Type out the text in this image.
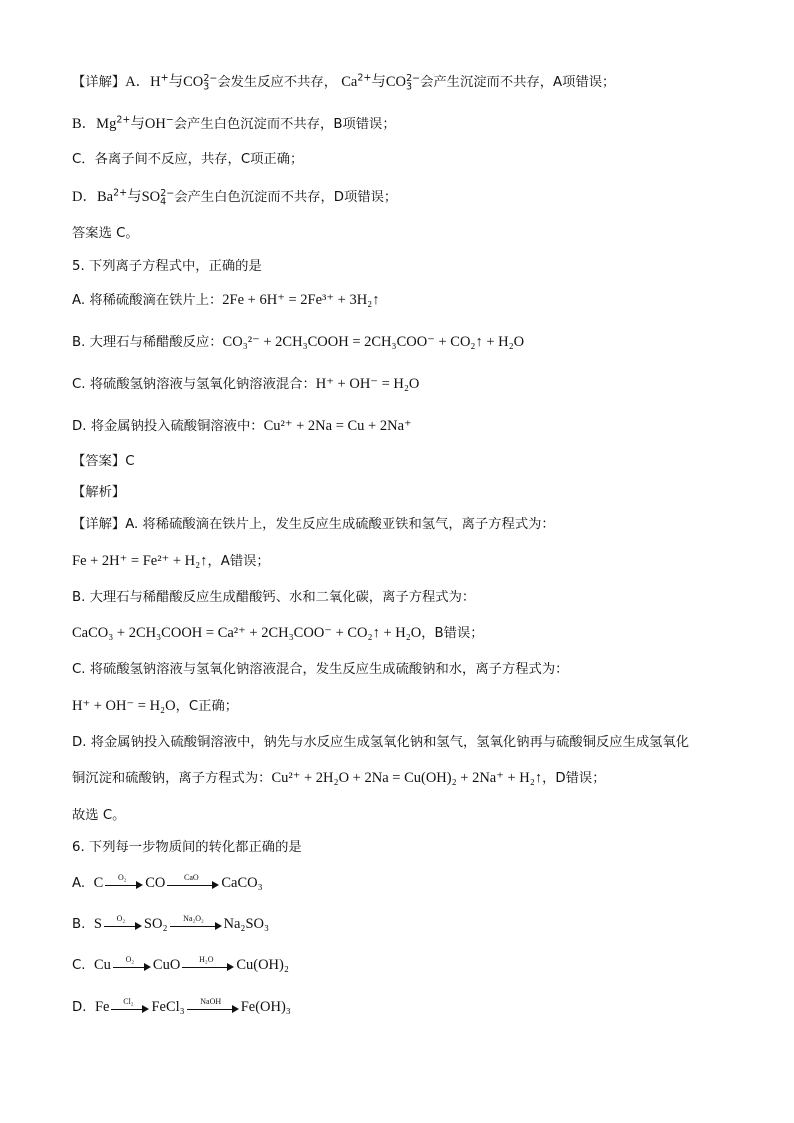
【详解】A．H+与$CO_3^{2-}$会发生反应不共存， $Ca^{2+}$与$CO_3^{2-}$会产生沉淀而不共存，A项错误；
B．$Mg^{2+}$与OH−会产生白色沉淀而不共存，B项错误；
C．各离子间不反应，共存，C项正确；
D．$Ba^{2+}$与$SO_4^{2-}$会产生白色沉淀而不共存，D项错误；
答案选 C。
5. 下列离子方程式中，正确的是
A. 将稀硫酸滴在铁片上：2Fe + 6H⁺ = 2Fe³⁺ + 3H₂↑
B. 大理石与稀醋酸反应：CO₃²⁻ + 2CH₃COOH = 2CH₃COO⁻ + CO₂↑ + H₂O
C. 将硫酸氢钠溶液与氢氧化钠溶液混合：H⁺ + OH⁻ = H₂O
D. 将金属钠投入硫酸铜溶液中：Cu²⁺ + 2Na = Cu + 2Na⁺
【答案】C
【解析】
【详解】A. 将稀硫酸滴在铁片上，发生反应生成硫酸亚铁和氢气，离子方程式为：
Fe + 2H⁺ = Fe²⁺ + H₂↑，A错误；
B. 大理石与稀醋酸反应生成醋酸钙、水和二氧化碳，离子方程式为：
CaCO₃ + 2CH₃COOH = Ca²⁺ + 2CH₃COO⁻ + CO₂↑ + H₂O，B错误；
C. 将硫酸氢钠溶液与氢氧化钠溶液混合，发生反应生成硫酸钠和水，离子方程式为：
H⁺ + OH⁻ = H₂O，C正确；
D. 将金属钠投入硫酸铜溶液中，钠先与水反应生成氢氧化钠和氢气，氢氧化钠再与硫酸铜反应生成氢氧化
铜沉淀和硫酸钠，离子方程式为：Cu²⁺ + 2H₂O + 2Na = Cu(OH)₂ + 2Na⁺ + H₂↑，D错误；
故选 C。
6. 下列每一步物质间的转化都正确的是
A. C	O₂	CO	CaO	CaCO₃
B. S	O₂	SO₂	Na₂O₂	Na₂SO₃
C. Cu	O₂	CuO	H₂O	Cu(OH)₂
D. Fe	Cl₂	FeCl₃	NaOH	Fe(OH)₃
